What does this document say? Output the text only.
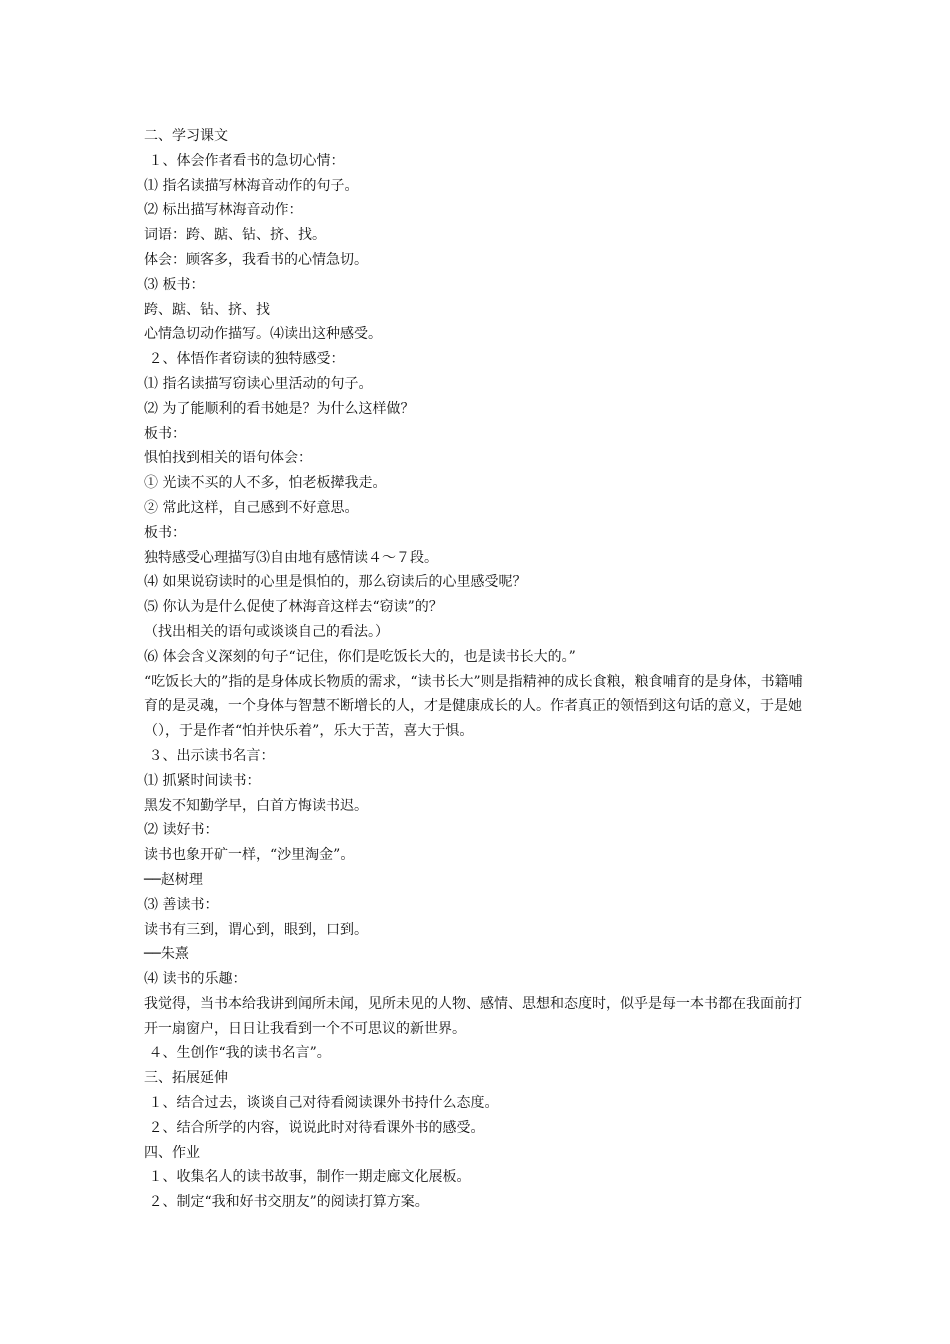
二、学习课文
１、体会作者看书的急切心情：
⑴ 指名读描写林海音动作的句子。
⑵ 标出描写林海音动作：
词语：跨、踮、钻、挤、找。
体会：顾客多，我看书的心情急切。
⑶ 板书：
跨、踮、钻、挤、找
心情急切动作描写。⑷读出这种感受。
２、体悟作者窃读的独特感受：
⑴ 指名读描写窃读心里活动的句子。
⑵ 为了能顺利的看书她是？为什么这样做？
板书：
惧怕找到相关的语句体会：
① 光读不买的人不多，怕老板撵我走。
② 常此这样，自己感到不好意思。
板书：
独特感受心理描写⑶自由地有感情读４～７段。
⑷ 如果说窃读时的心里是惧怕的，那么窃读后的心里感受呢？
⑸ 你认为是什么促使了林海音这样去“窃读”的？
（找出相关的语句或谈谈自己的看法。）
⑹ 体会含义深刻的句子“记住，你们是吃饭长大的，也是读书长大的。”
“吃饭长大的”指的是身体成长物质的需求，“读书长大”则是指精神的成长食粮，粮食哺育的是身体，书籍哺育的是灵魂，一个身体与智慧不断增长的人，才是健康成长的人。作者真正的领悟到这句话的意义，于是她（），于是作者“怕并快乐着”，乐大于苦，喜大于惧。
３、出示读书名言：
⑴ 抓紧时间读书：
黑发不知勤学早，白首方悔读书迟。
⑵ 读好书：
读书也象开矿一样，“沙里淘金”。
──赵树理
⑶ 善读书：
读书有三到，谓心到，眼到，口到。
──朱熹
⑷ 读书的乐趣：
我觉得，当书本给我讲到闻所未闻，见所未见的人物、感情、思想和态度时，似乎是每一本书都在我面前打开一扇窗户，日日让我看到一个不可思议的新世界。
４、生创作“我的读书名言”。
三、拓展延伸
１、结合过去，谈谈自己对待看阅读课外书持什么态度。
２、结合所学的内容，说说此时对待看课外书的感受。
四、作业
１、收集名人的读书故事，制作一期走廊文化展板。
２、制定“我和好书交朋友”的阅读打算方案。
